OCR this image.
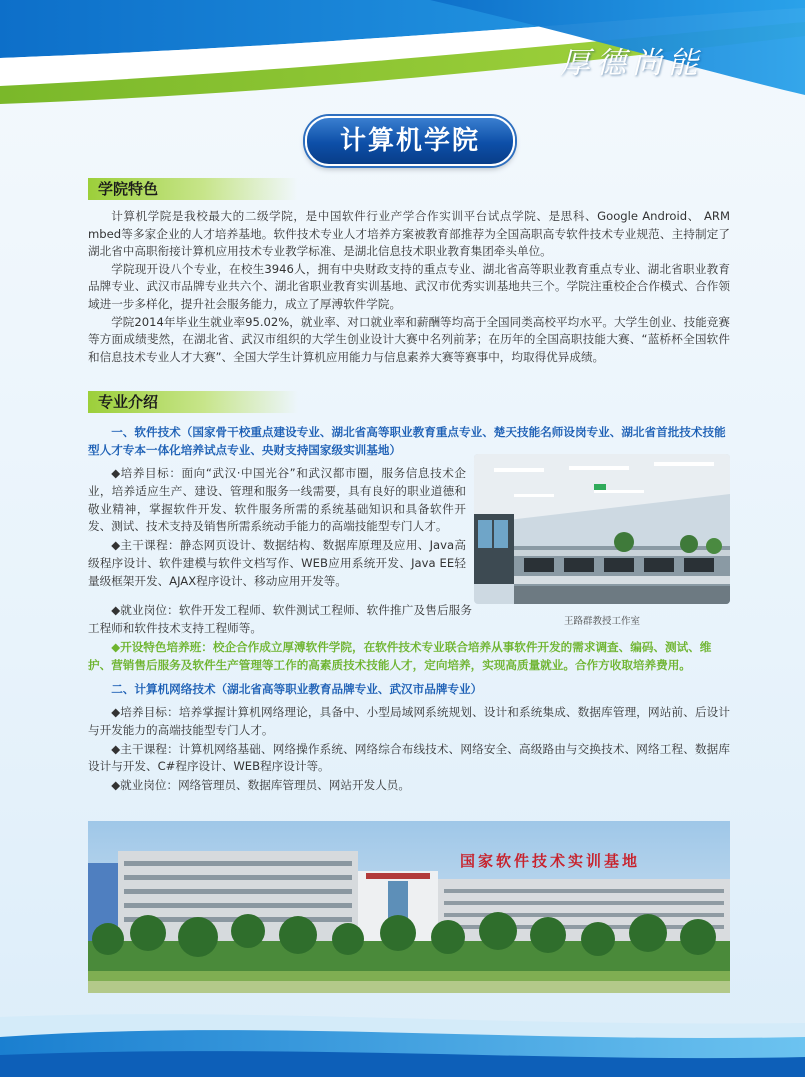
厚德尚能
计算机学院
学院特色

计算机学院是我校最大的二级学院，是中国软件行业产学合作实训平台试点学院、是思科、Google Android、 ARM mbed等多家企业的人才培养基地。软件技术专业人才培养方案被教育部推荐为全国高职高专软件技术专业规范、主持制定了湖北省中高职衔接计算机应用技术专业教学标准、是湖北信息技术职业教育集团牵头单位。

学院现开设八个专业，在校生3946人，拥有中央财政支持的重点专业、湖北省高等职业教育重点专业、湖北省职业教育品牌专业、武汉市品牌专业共六个、湖北省职业教育实训基地、武汉市优秀实训基地共三个。学院注重校企合作模式、合作领域进一步多样化，提升社会服务能力，成立了厚溥软件学院。

学院2014年毕业生就业率95.02%，就业率、对口就业率和薪酬等均高于全国同类高校平均水平。大学生创业、技能竞赛等方面成绩斐然，在湖北省、武汉市组织的大学生创业设计大赛中名列前茅；在历年的全国高职技能大赛、“蓝桥杯全国软件和信息技术专业人才大赛”、全国大学生计算机应用能力与信息素养大赛等赛事中，均取得优异成绩。

专业介绍
一、软件技术（国家骨干校重点建设专业、湖北省高等职业教育重点专业、楚天技能名师设岗专业、湖北省首批技术技能型人才专本一体化培养试点专业、央财支持国家级实训基地）

◆培养目标：面向“武汉·中国光谷”和武汉都市圈，服务信息技术企业，培养适应生产、建设、管理和服务一线需要，具有良好的职业道德和敬业精神，掌握软件开发、软件服务所需的系统基础知识和具备软件开发、测试、技术支持及销售所需系统动手能力的高端技能型专门人才。

◆主干课程：静态网页设计、数据结构、数据库原理及应用、Java高级程序设计、软件建模与软件文档写作、WEB应用系统开发、Java EE轻量级框架开发、AJAX程序设计、移动应用开发等。

◆就业岗位：软件开发工程师、软件测试工程师、软件推广及售后服务工程师和软件技术支持工程师等。	王路群教授工作室
◆开设特色培养班：校企合作成立厚溥软件学院，在软件技术专业联合培养从事软件开发的需求调查、编码、测试、维护、营销售后服务及软件生产管理等工作的高素质技术技能人才，定向培养，实现高质量就业。合作方收取培养费用。
二、计算机网络技术（湖北省高等职业教育品牌专业、武汉市品牌专业）

◆培养目标：培养掌握计算机网络理论，具备中、小型局域网系统规划、设计和系统集成、数据库管理，网站前、后设计与开发能力的高端技能型专门人才。

◆主干课程：计算机网络基础、网络操作系统、网络综合布线技术、网络安全、高级路由与交换技术、网络工程、数据库设计与开发、C#程序设计、WEB程序设计等。

◆就业岗位：网络管理员、数据库管理员、网站开发人员。

国家软件技术实训基地
